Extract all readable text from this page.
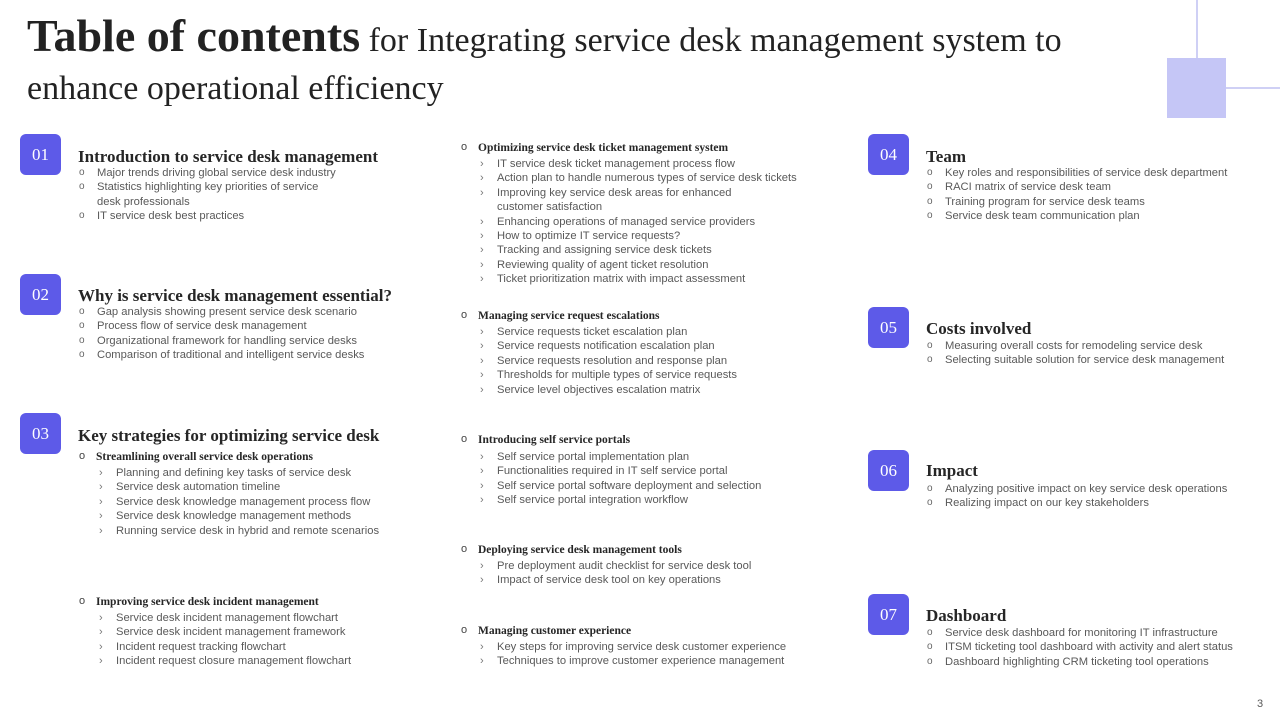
Table of contents for Integrating service desk management system to enhance operational efficiency
01	Introduction to service desk management
o Major trends driving global service desk industry
o Statistics highlighting key priorities of service desk professionals
o IT service desk best practices
02	Why is service desk management essential?
o Gap analysis showing present service desk scenario
o Process flow of service desk management
o Organizational framework for handling service desks
o Comparison of traditional and intelligent service desks
03	Key strategies for optimizing service desk
o Streamlining overall service desk operations
› Planning and defining key tasks of service desk
› Service desk automation timeline
› Service desk knowledge management process flow
› Service desk knowledge management methods
› Running service desk in hybrid and remote scenarios
o Improving service desk incident management
› Service desk incident management flowchart
› Service desk incident management framework
› Incident request tracking flowchart
› Incident request closure management flowchart
o Optimizing service desk ticket management system
› IT service desk ticket management process flow
› Action plan to handle numerous types of service desk tickets
› Improving key service desk areas for enhanced customer satisfaction
› Enhancing operations of managed service providers
› How to optimize IT service requests?
› Tracking and assigning service desk tickets
› Reviewing quality of agent ticket resolution
› Ticket prioritization matrix with impact assessment
o Managing service request escalations
› Service requests ticket escalation plan
› Service requests notification escalation plan
› Service requests resolution and response plan
› Thresholds for multiple types of service requests
› Service level objectives escalation matrix
o Introducing self service portals
› Self service portal implementation plan
› Functionalities required in IT self service portal
› Self service portal software deployment and selection
› Self service portal integration workflow
o Deploying service desk management tools
› Pre deployment audit checklist for service desk tool
› Impact of service desk tool on key operations
o Managing customer experience
› Key steps for improving service desk customer experience
› Techniques to improve customer experience management
04	Team
o Key roles and responsibilities of service desk department
o RACI matrix of service desk team
o Training program for service desk teams
o Service desk team communication plan
05	Costs involved
o Measuring overall costs for remodeling service desk
o Selecting suitable solution for service desk management
06	Impact
o Analyzing positive impact on key service desk operations
o Realizing impact on our key stakeholders
07	Dashboard
o Service desk dashboard for monitoring IT infrastructure
o ITSM ticketing tool dashboard with activity and alert status
o Dashboard highlighting CRM ticketing tool operations
3
